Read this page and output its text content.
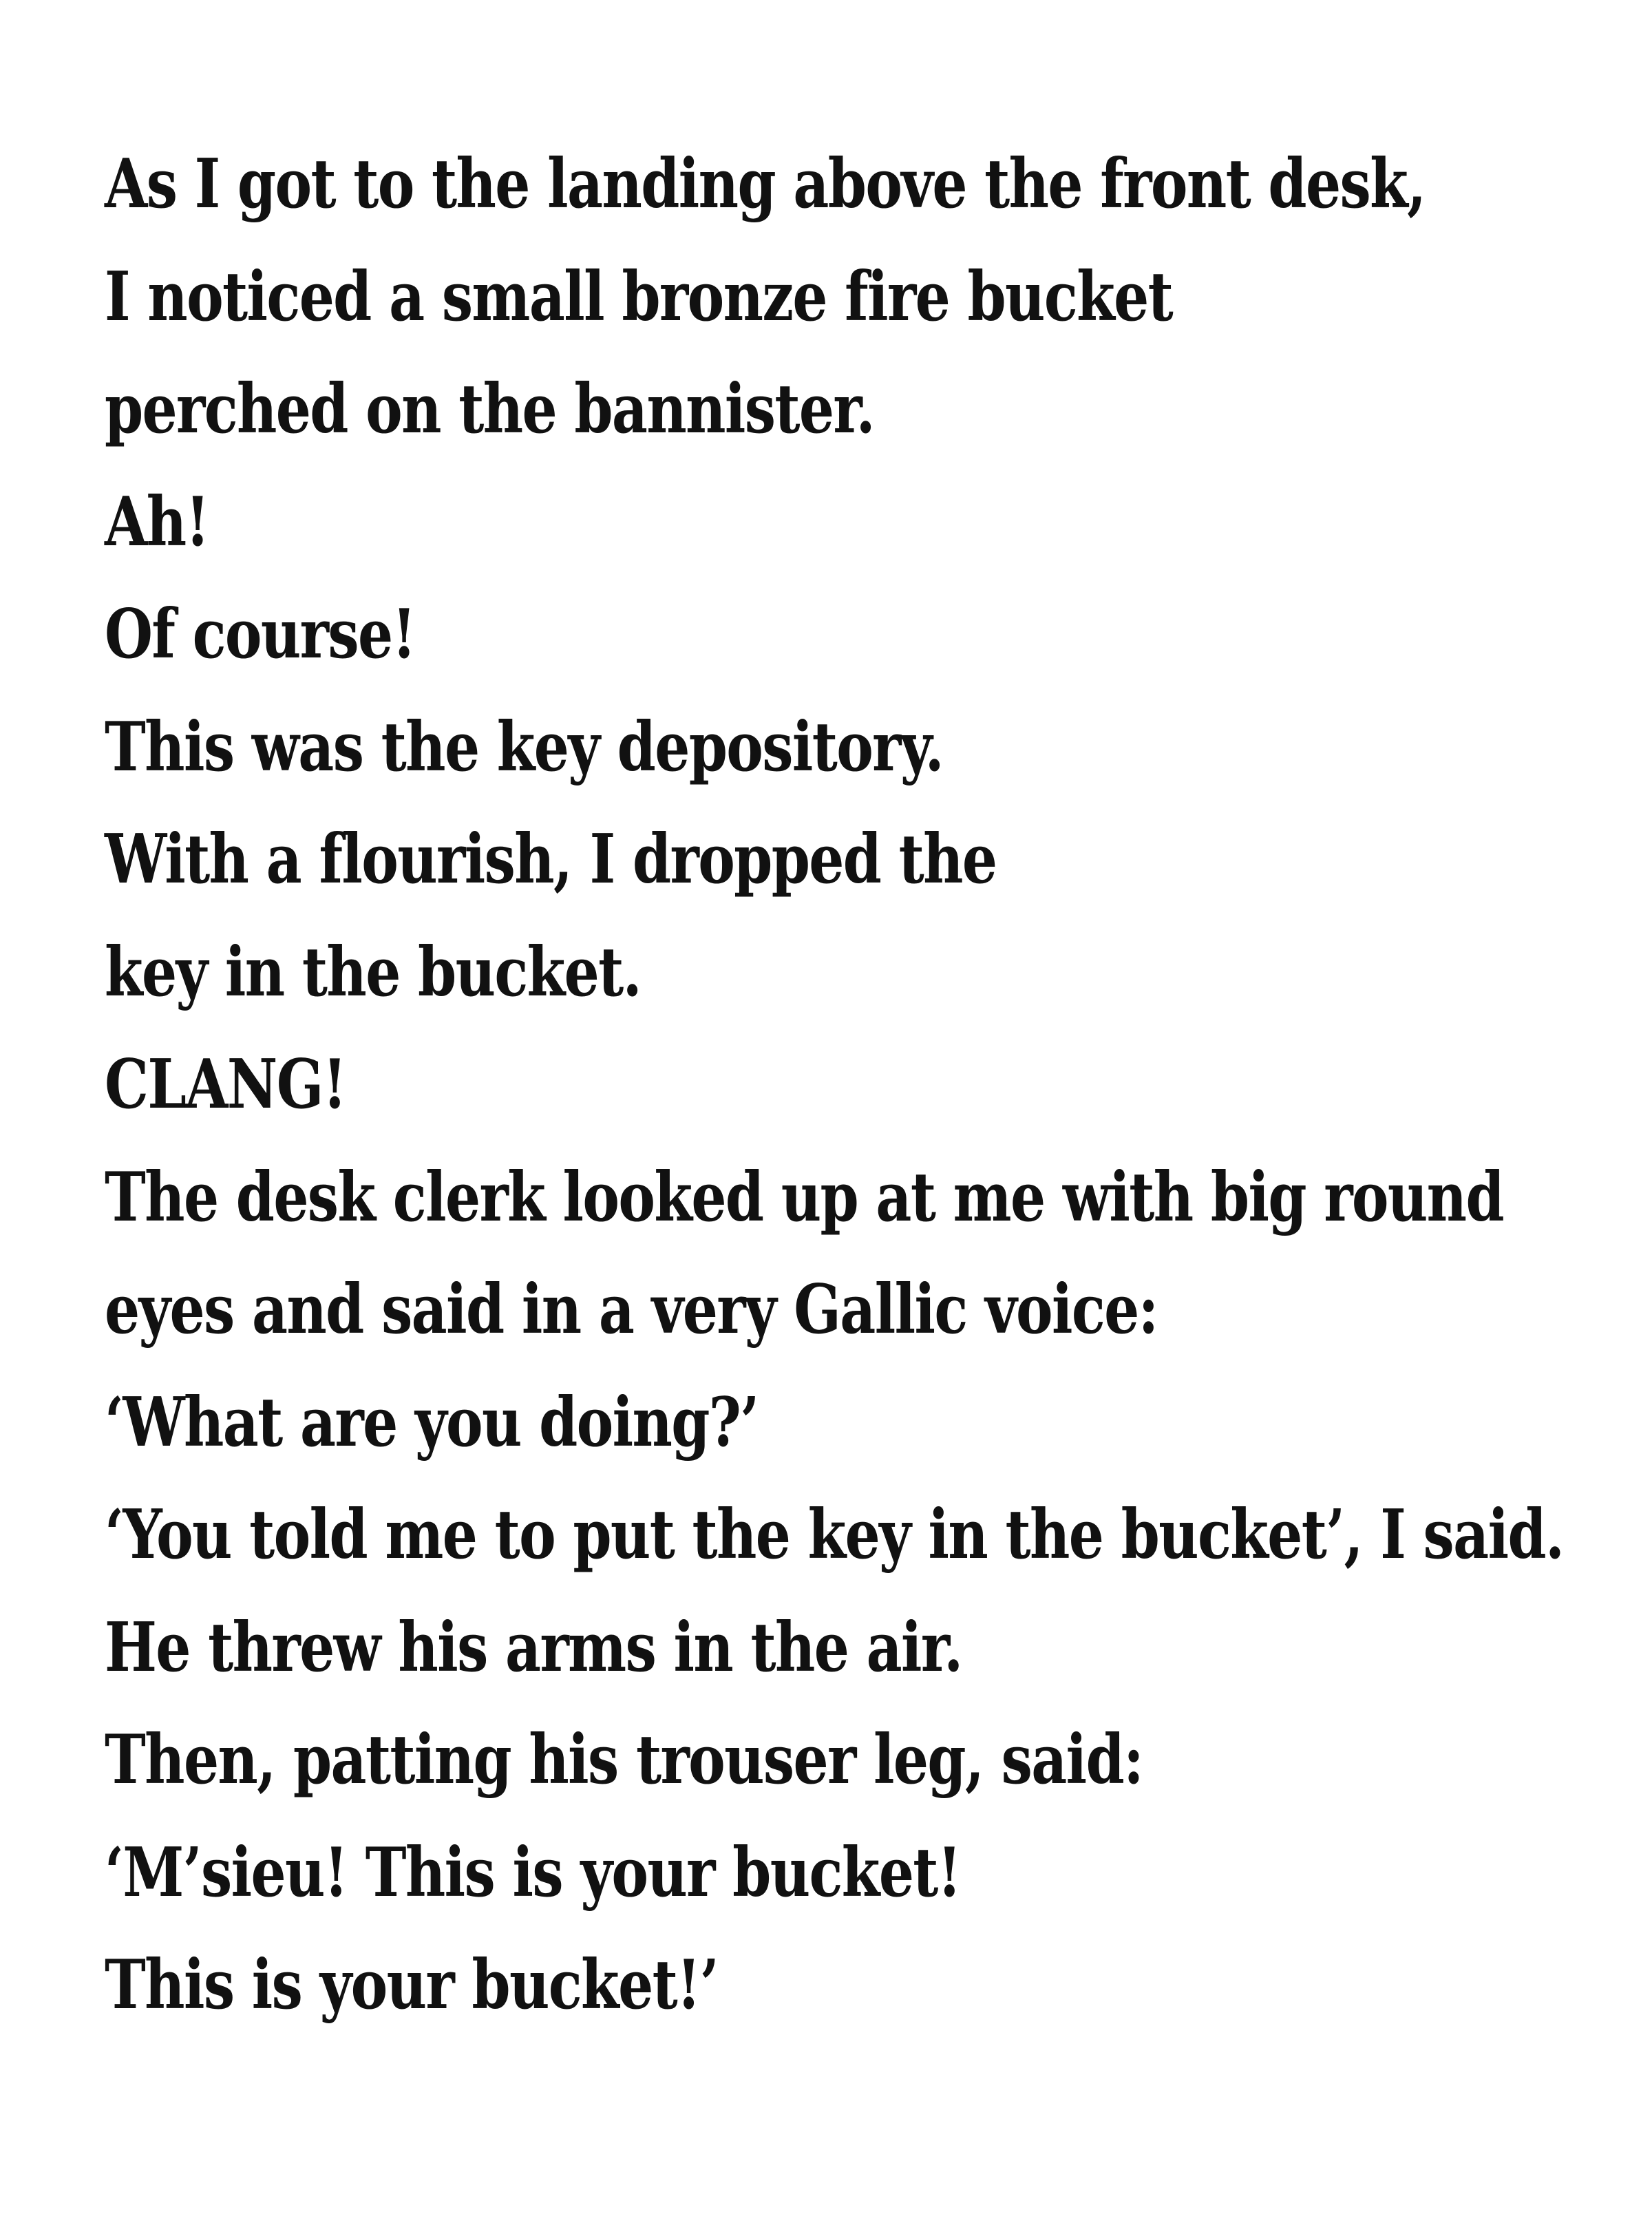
As I got to the landing above the front desk,
I noticed a small bronze fire bucket
perched on the bannister.
Ah!
Of course!
This was the key depository.
With a flourish, I dropped the
key in the bucket.
CLANG!
The desk clerk looked up at me with big round
eyes and said in a very Gallic voice:
‘What are you doing?’
‘You told me to put the key in the bucket’, I said.
He threw his arms in the air.
Then, patting his trouser leg, said:
‘M’sieu! This is your bucket!
This is your bucket!’
